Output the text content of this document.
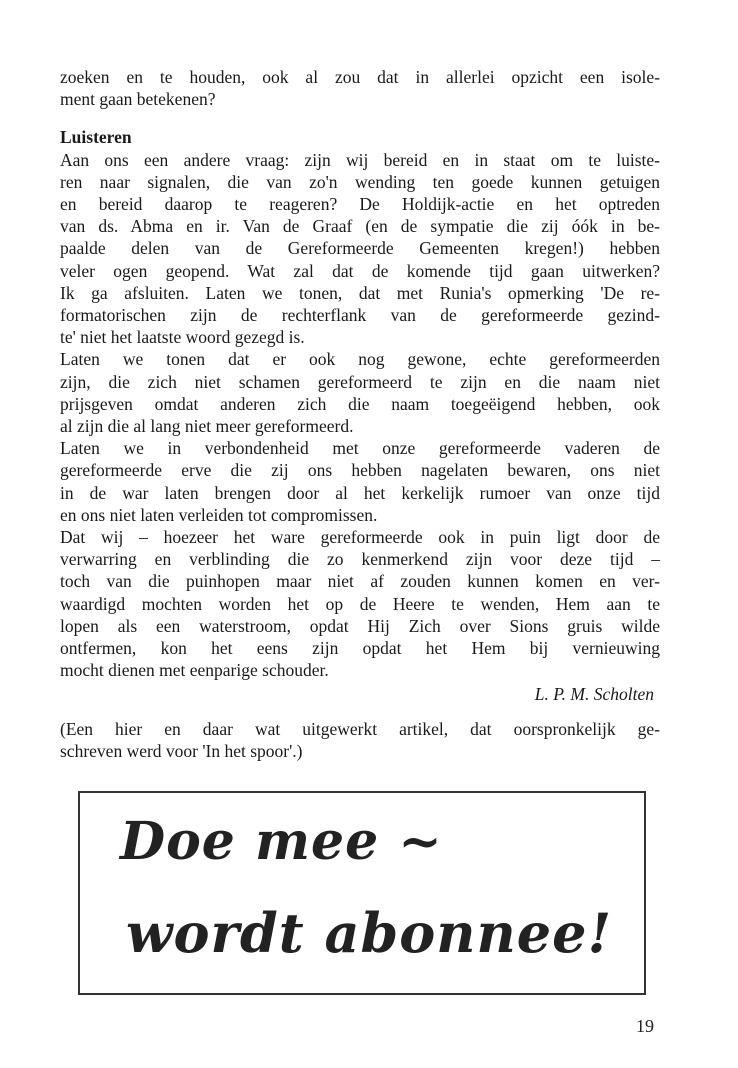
zoeken en te houden, ook al zou dat in allerlei opzicht een isole-
ment gaan betekenen?
Luisteren
Aan ons een andere vraag: zijn wij bereid en in staat om te luiste-
ren naar signalen, die van zo'n wending ten goede kunnen getuigen
en bereid daarop te reageren? De Holdijk-actie en het optreden
van ds. Abma en ir. Van de Graaf (en de sympatie die zij óók in be-
paalde delen van de Gereformeerde Gemeenten kregen!) hebben
veler ogen geopend. Wat zal dat de komende tijd gaan uitwerken?
Ik ga afsluiten. Laten we tonen, dat met Runia's opmerking 'De re-
formatorischen zijn de rechterflank van de gereformeerde gezind-
te' niet het laatste woord gezegd is.
Laten we tonen dat er ook nog gewone, echte gereformeerden
zijn, die zich niet schamen gereformeerd te zijn en die naam niet
prijsgeven omdat anderen zich die naam toegeëigend hebben, ook
al zijn die al lang niet meer gereformeerd.
Laten we in verbondenheid met onze gereformeerde vaderen de
gereformeerde erve die zij ons hebben nagelaten bewaren, ons niet
in de war laten brengen door al het kerkelijk rumoer van onze tijd
en ons niet laten verleiden tot compromissen.
Dat wij – hoezeer het ware gereformeerde ook in puin ligt door de
verwarring en verblinding die zo kenmerkend zijn voor deze tijd –
toch van die puinhopen maar niet af zouden kunnen komen en ver-
waardigd mochten worden het op de Heere te wenden, Hem aan te
lopen als een waterstroom, opdat Hij Zich over Sions gruis wilde
ontfermen, kon het eens zijn opdat het Hem bij vernieuwing
mocht dienen met eenparige schouder.
L. P. M. Scholten
(Een hier en daar wat uitgewerkt artikel, dat oorspronkelijk ge-
schreven werd voor 'In het spoor'.)
Doe mee ~
wordt abonnee!
19
